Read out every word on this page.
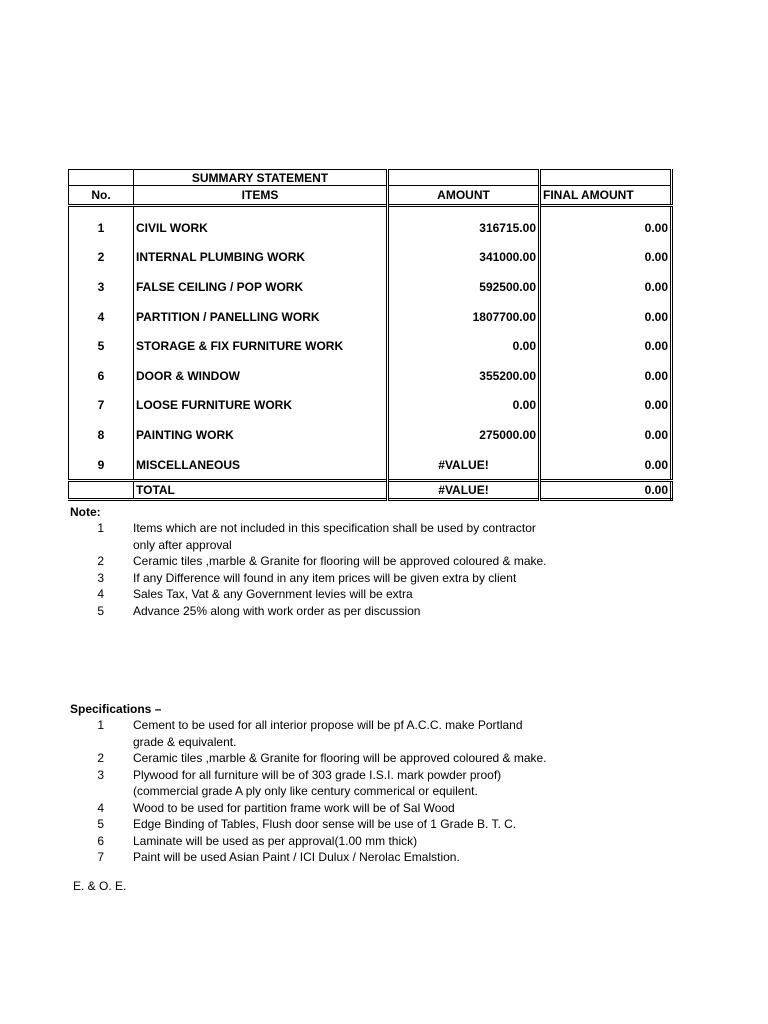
	SUMMARY STATEMENT		
No.	ITEMS	AMOUNT	FINAL AMOUNT

1	CIVIL WORK	316715.00	0.00
2	INTERNAL PLUMBING WORK	341000.00	0.00
3	FALSE CEILING / POP WORK	592500.00	0.00
4	PARTITION / PANELLING WORK	1807700.00	0.00
5	STORAGE & FIX FURNITURE WORK	0.00	0.00
6	DOOR & WINDOW	355200.00	0.00
7	LOOSE FURNITURE WORK	0.00	0.00
8	PAINTING WORK	275000.00	0.00
9	MISCELLANEOUS	#VALUE!	0.00
	TOTAL	#VALUE!	0.00
Note:
1 Items which are not included in this specification shall be used by contractor
only after approval
2 Ceramic tiles ,marble & Granite for flooring will be approved coloured & make.
3 If any Difference will found in any item prices will be given extra by client
4 Sales Tax, Vat & any Government levies will be extra
5 Advance 25% along with work order as per discussion
Specifications –
1 Cement to be used for all interior propose will be pf A.C.C. make Portland
grade & equivalent.
2 Ceramic tiles ,marble & Granite for flooring will be approved coloured & make.
3 Plywood for all furniture will be of 303 grade I.S.I. mark powder proof)
(commercial grade A ply only like century commerical or equilent.
4 Wood to be used for partition frame work will be of Sal Wood
5 Edge Binding of Tables, Flush door sense will be use of 1 Grade B. T. C.
6 Laminate will be used as per approval(1.00 mm thick)
7 Paint will be used Asian Paint / ICI Dulux / Nerolac Emalstion.
E. & O. E.
